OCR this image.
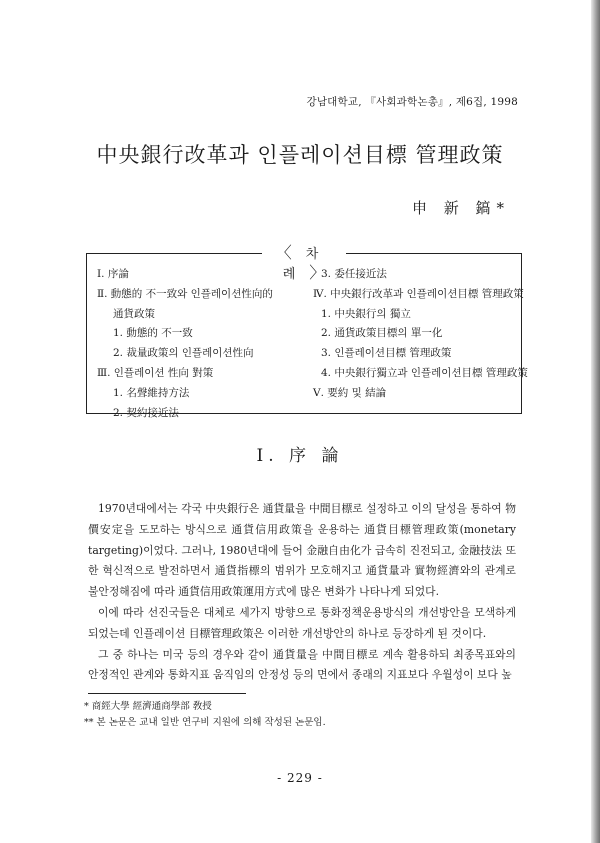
강남대학교, 『사회과학논총』, 제6집, 1998
中央銀行改革과 인플레이션目標 管理政策
申 新 鎬*
〈 차 례〉
Ⅰ. 序論
Ⅱ. 動態的 不一致와 인플레이션性向的
通貨政策
1. 動態的 不一致
2. 裁量政策의 인플레이션性向
Ⅲ. 인플레이션 性向 對策
1. 名聲維持方法
2. 契約接近法
3. 委任接近法
Ⅳ. 中央銀行改革과 인플레이션目標 管理政策
1. 中央銀行의 獨立
2. 通貨政策目標의 單一化
3. 인플레이션目標 管理政策
4. 中央銀行獨立과 인플레이션目標 管理政策
Ⅴ. 要約 및 結論
Ⅰ. 序 論

1970년대에서는 각국 中央銀行은 通貨量을 中間目標로 설정하고 이의 달성을 통하여 物價安定을 도모하는 방식으로 通貨信用政策을 운용하는 通貨目標管理政策(monetary targeting)이었다. 그러나, 1980년대에 들어 金融自由化가 급속히 진전되고, 金融技法 또한 혁신적으로 발전하면서 通貨指標의 범위가 모호해지고 通貨量과 實物經濟와의 관계로 불안정해짐에 따라 通貨信用政策運用方式에 많은 변화가 나타나게 되었다.

이에 따라 선진국들은 대체로 세가지 방향으로 통화정책운용방식의 개선방안을 모색하게 되었는데 인플레이션 目標管理政策은 이러한 개선방안의 하나로 등장하게 된 것이다.

그 중 하나는 미국 등의 경우와 같이 通貨量을 中間目標로 계속 활용하되 최종목표와의 안정적인 관계와 통화지표 움직임의 안정성 등의 면에서 종래의 지표보다 우월성이 보다 높

* 商經大學 經濟通商學部 敎授
** 본 논문은 교내 일반 연구비 지원에 의해 작성된 논문임.
- 229 -
